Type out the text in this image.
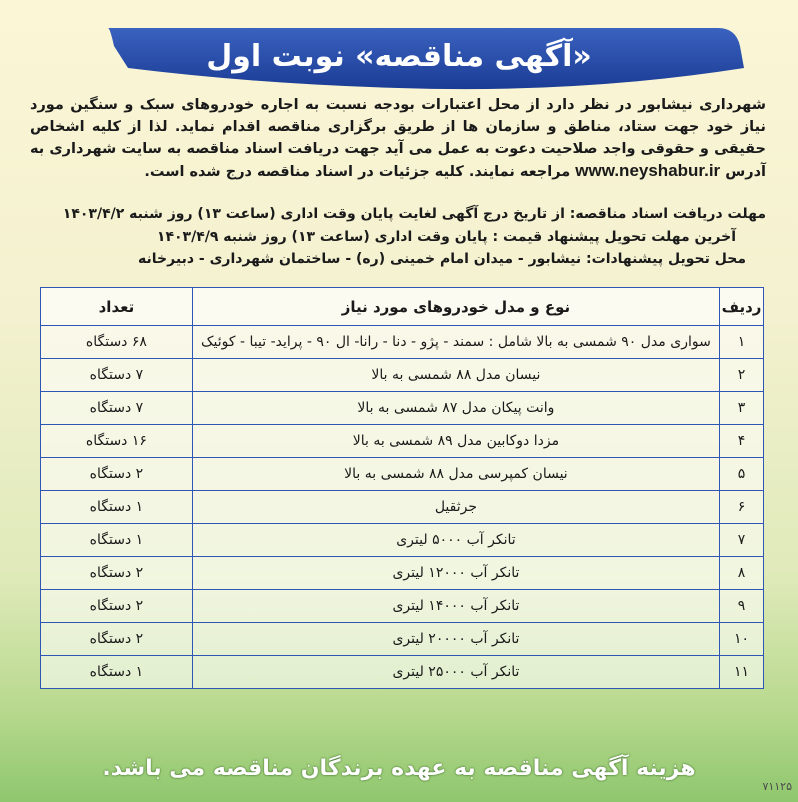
«آگهی مناقصه» نوبت اول
شهرداری نیشابور در نظر دارد از محل اعتبارات بودجه نسبت به اجاره خودروهای سبک و سنگین مورد نیاز خود جهت ستاد، مناطق و سازمان ها از طریق برگزاری مناقصه اقدام نماید. لذا از کلیه اشخاص حقیقی و حقوقی واجد صلاحیت دعوت به عمل می آید جهت دریافت اسناد مناقصه به سایت شهرداری به آدرس www.neyshabur.ir مراجعه نمایند. کلیه جزئیات در اسناد مناقصه درج شده است.
مهلت دریافت اسناد مناقصه: از تاریخ درج آگهی لغایت پایان وقت اداری (ساعت ۱۳) روز شنبه ۱۴۰۳/۴/۲
آخرین مهلت تحویل پیشنهاد قیمت : پایان وقت اداری (ساعت ۱۳) روز شنبه ۱۴۰۳/۴/۹
محل تحویل پیشنهادات: نیشابور - میدان امام خمینی (ره) - ساختمان شهرداری - دبیرخانه
ردیف	نوع و مدل خودروهای مورد نیاز	تعداد
۱	سواری مدل ۹۰ شمسی به بالا شامل : سمند - پژو - دنا - رانا- ال ۹۰ - پراید- تیبا - کوئیک	۶۸ دستگاه
۲	نیسان مدل ۸۸ شمسی به بالا	۷ دستگاه
۳	وانت پیکان مدل ۸۷ شمسی به بالا	۷ دستگاه
۴	مزدا دوکابین مدل ۸۹ شمسی به بالا	۱۶ دستگاه
۵	نیسان کمپرسی مدل ۸۸ شمسی به بالا	۲ دستگاه
۶	جرثقیل	۱ دستگاه
۷	تانکر آب ۵۰۰۰ لیتری	۱ دستگاه
۸	تانکر آب ۱۲۰۰۰ لیتری	۲ دستگاه
۹	تانکر آب ۱۴۰۰۰ لیتری	۲ دستگاه
۱۰	تانکر آب ۲۰۰۰۰ لیتری	۲ دستگاه
۱۱	تانکر آب ۲۵۰۰۰ لیتری	۱ دستگاه
هزینه آگهی مناقصه به عهده برندگان مناقصه می باشد.
۷۱۱۲۵
